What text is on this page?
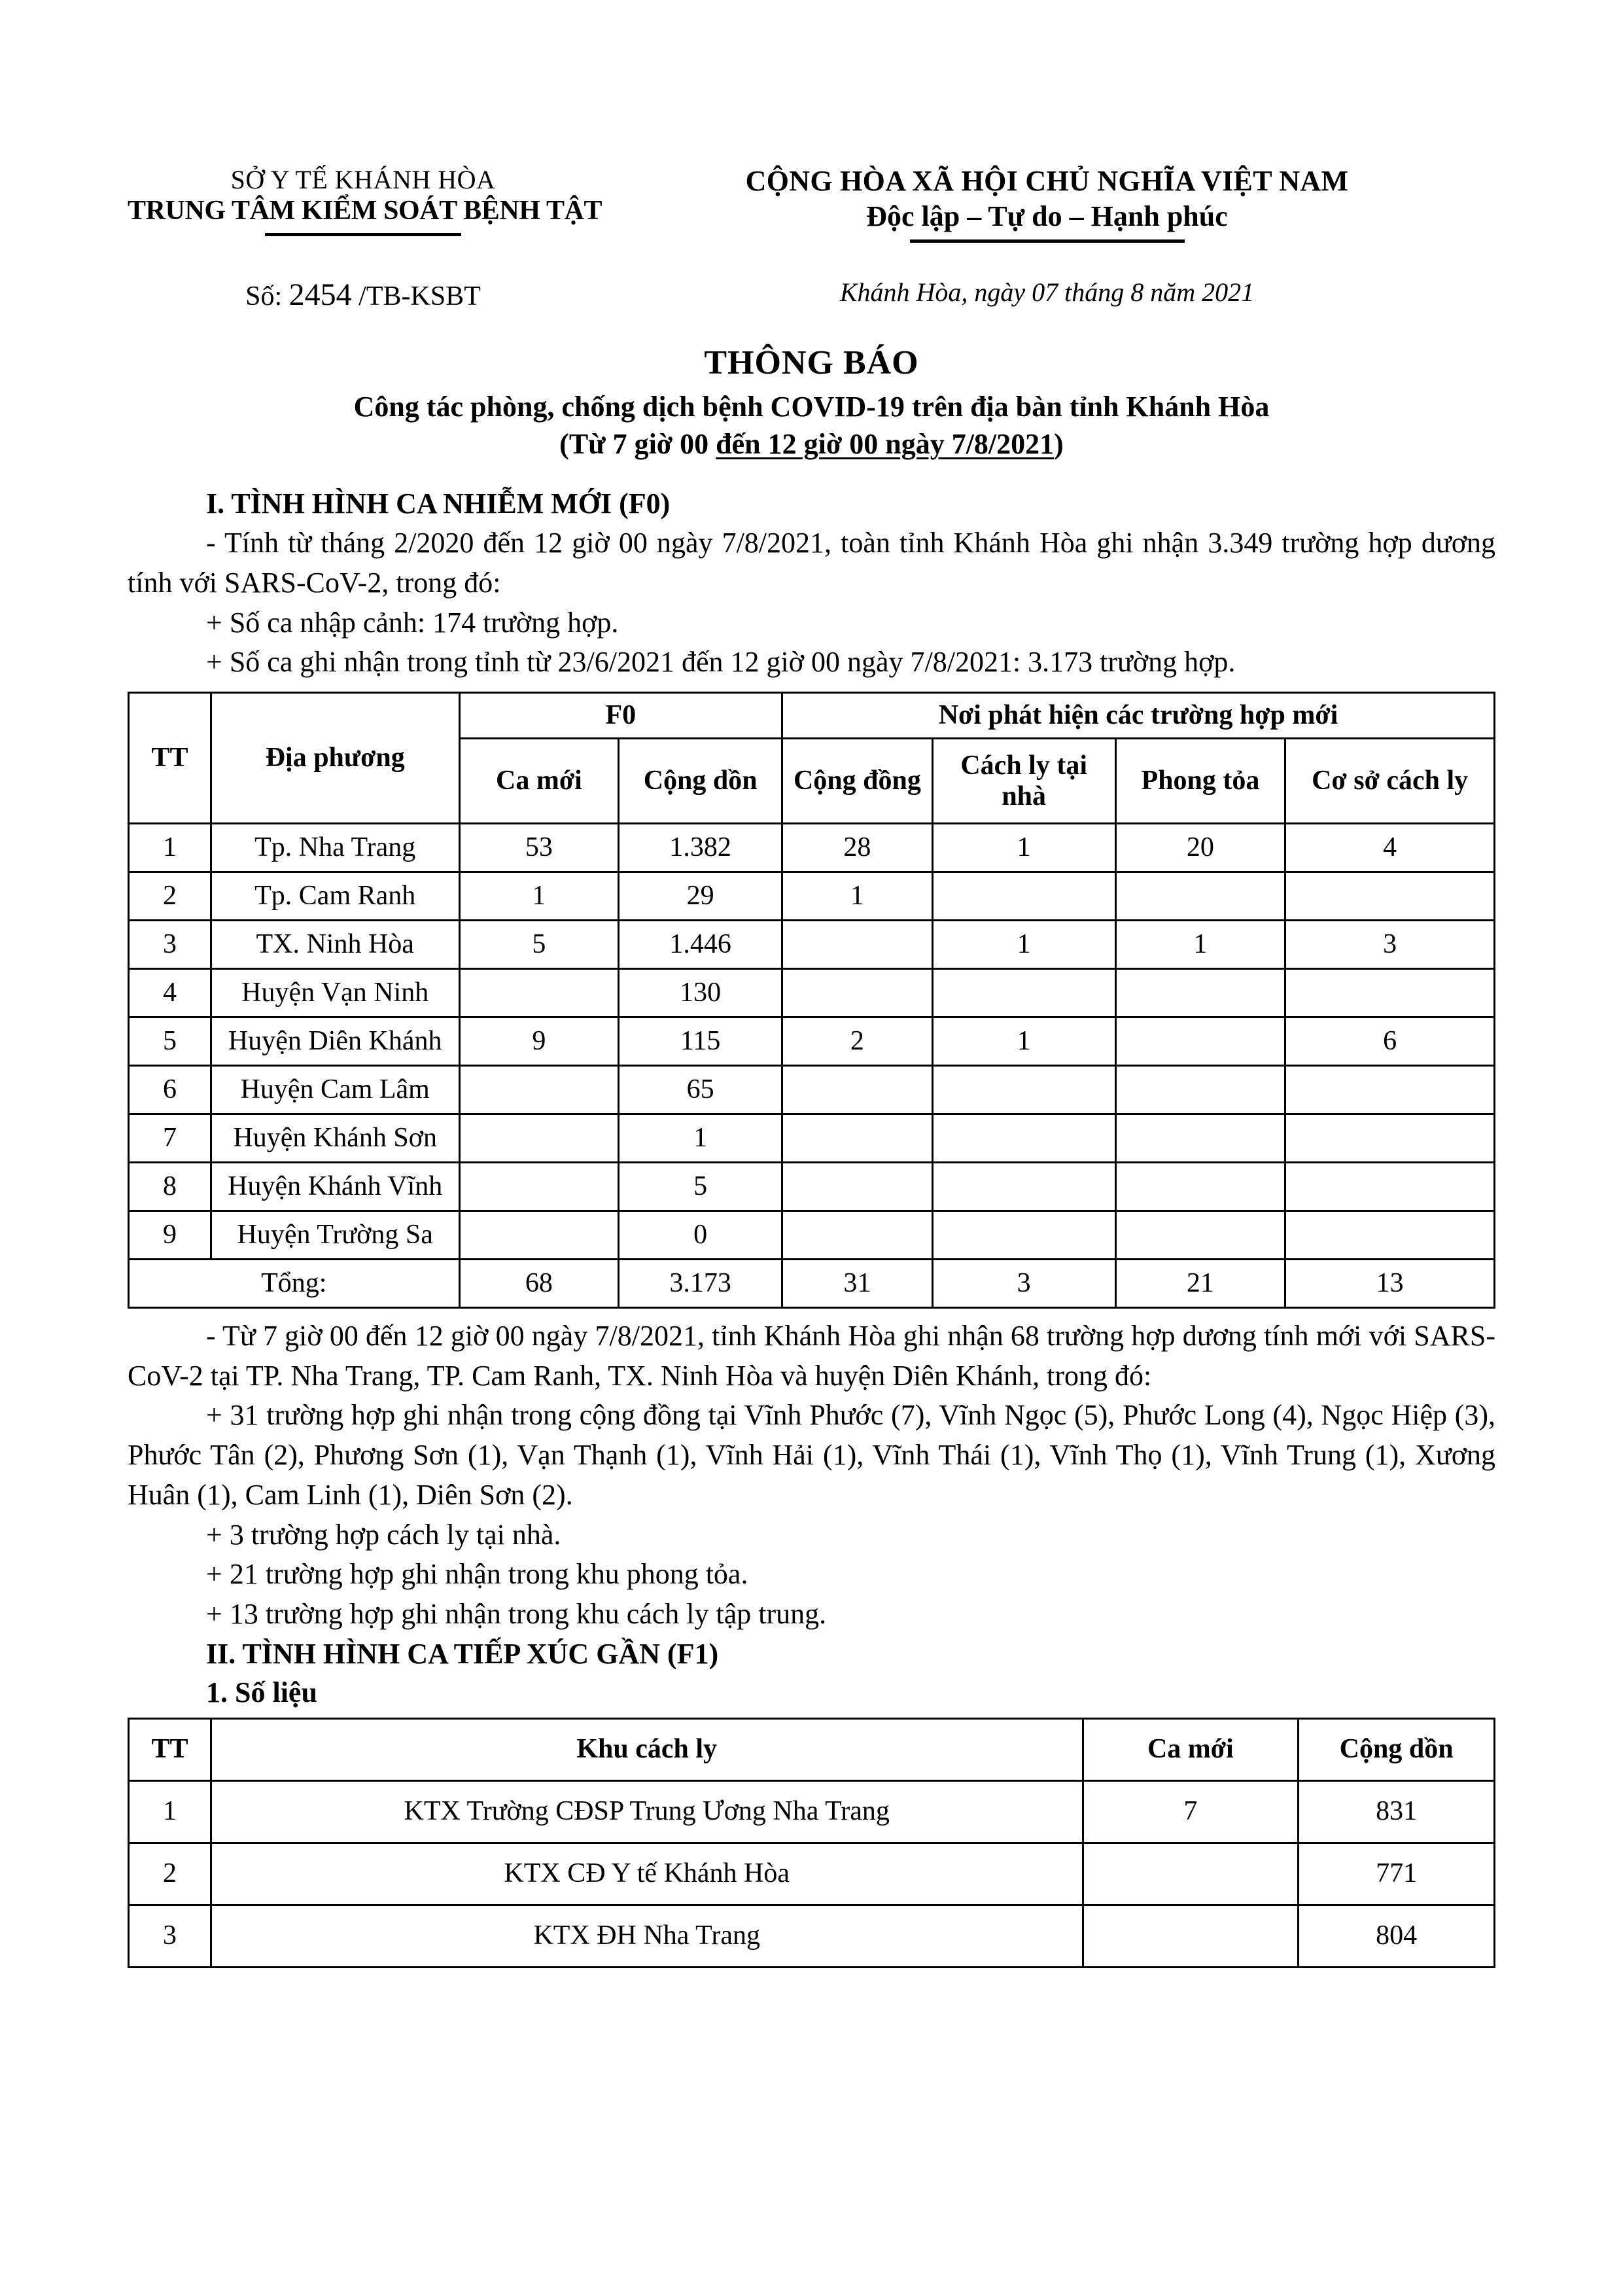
SỞ Y TẾ KHÁNH HÒA
TRUNG TÂM KIỂM SOÁT BỆNH TẬT
CỘNG HÒA XÃ HỘI CHỦ NGHĨA VIỆT NAM
Độc lập – Tự do – Hạnh phúc
Số: 2454 /TB-KSBT	Khánh Hòa, ngày 07 tháng 8 năm 2021
THÔNG BÁO
Công tác phòng, chống dịch bệnh COVID-19 trên địa bàn tỉnh Khánh Hòa
(Từ 7 giờ 00 đến 12 giờ 00 ngày 7/8/2021)
I. TÌNH HÌNH CA NHIỄM MỚI (F0)

- Tính từ tháng 2/2020 đến 12 giờ 00 ngày 7/8/2021, toàn tỉnh Khánh Hòa ghi nhận 3.349 trường hợp dương tính với SARS-CoV-2, trong đó:

+ Số ca nhập cảnh: 174 trường hợp.

+ Số ca ghi nhận trong tỉnh từ 23/6/2021 đến 12 giờ 00 ngày 7/8/2021: 3.173 trường hợp.

TT	Địa phương	F0		Nơi phát hiện các trường hợp mới			
		Ca mới	Cộng dồn	Cộng đồng	Cách ly tại nhà	Phong tỏa	Cơ sở cách ly
1	Tp. Nha Trang	53	1.382	28	1	20	4
2	Tp. Cam Ranh	1	29	1			
3	TX. Ninh Hòa	5	1.446		1	1	3
4	Huyện Vạn Ninh		130				
5	Huyện Diên Khánh	9	115	2	1		6
6	Huyện Cam Lâm		65				
7	Huyện Khánh Sơn		1				
8	Huyện Khánh Vĩnh		5				
9	Huyện Trường Sa		0				
Tổng:		68	3.173	31	3	21	13

- Từ 7 giờ 00 đến 12 giờ 00 ngày 7/8/2021, tỉnh Khánh Hòa ghi nhận 68 trường hợp dương tính mới với SARS-CoV-2 tại TP. Nha Trang, TP. Cam Ranh, TX. Ninh Hòa và huyện Diên Khánh, trong đó:

+ 31 trường hợp ghi nhận trong cộng đồng tại Vĩnh Phước (7), Vĩnh Ngọc (5), Phước Long (4), Ngọc Hiệp (3), Phước Tân (2), Phương Sơn (1), Vạn Thạnh (1), Vĩnh Hải (1), Vĩnh Thái (1), Vĩnh Thọ (1), Vĩnh Trung (1), Xương Huân (1), Cam Linh (1), Diên Sơn (2).

+ 3 trường hợp cách ly tại nhà.

+ 21 trường hợp ghi nhận trong khu phong tỏa.

+ 13 trường hợp ghi nhận trong khu cách ly tập trung.

II. TÌNH HÌNH CA TIẾP XÚC GẦN (F1)
1. Số liệu
TT	Khu cách ly	Ca mới	Cộng dồn
1	KTX Trường CĐSP Trung Ương Nha Trang	7	831
2	KTX CĐ Y tế Khánh Hòa		771
3	KTX ĐH Nha Trang		804
